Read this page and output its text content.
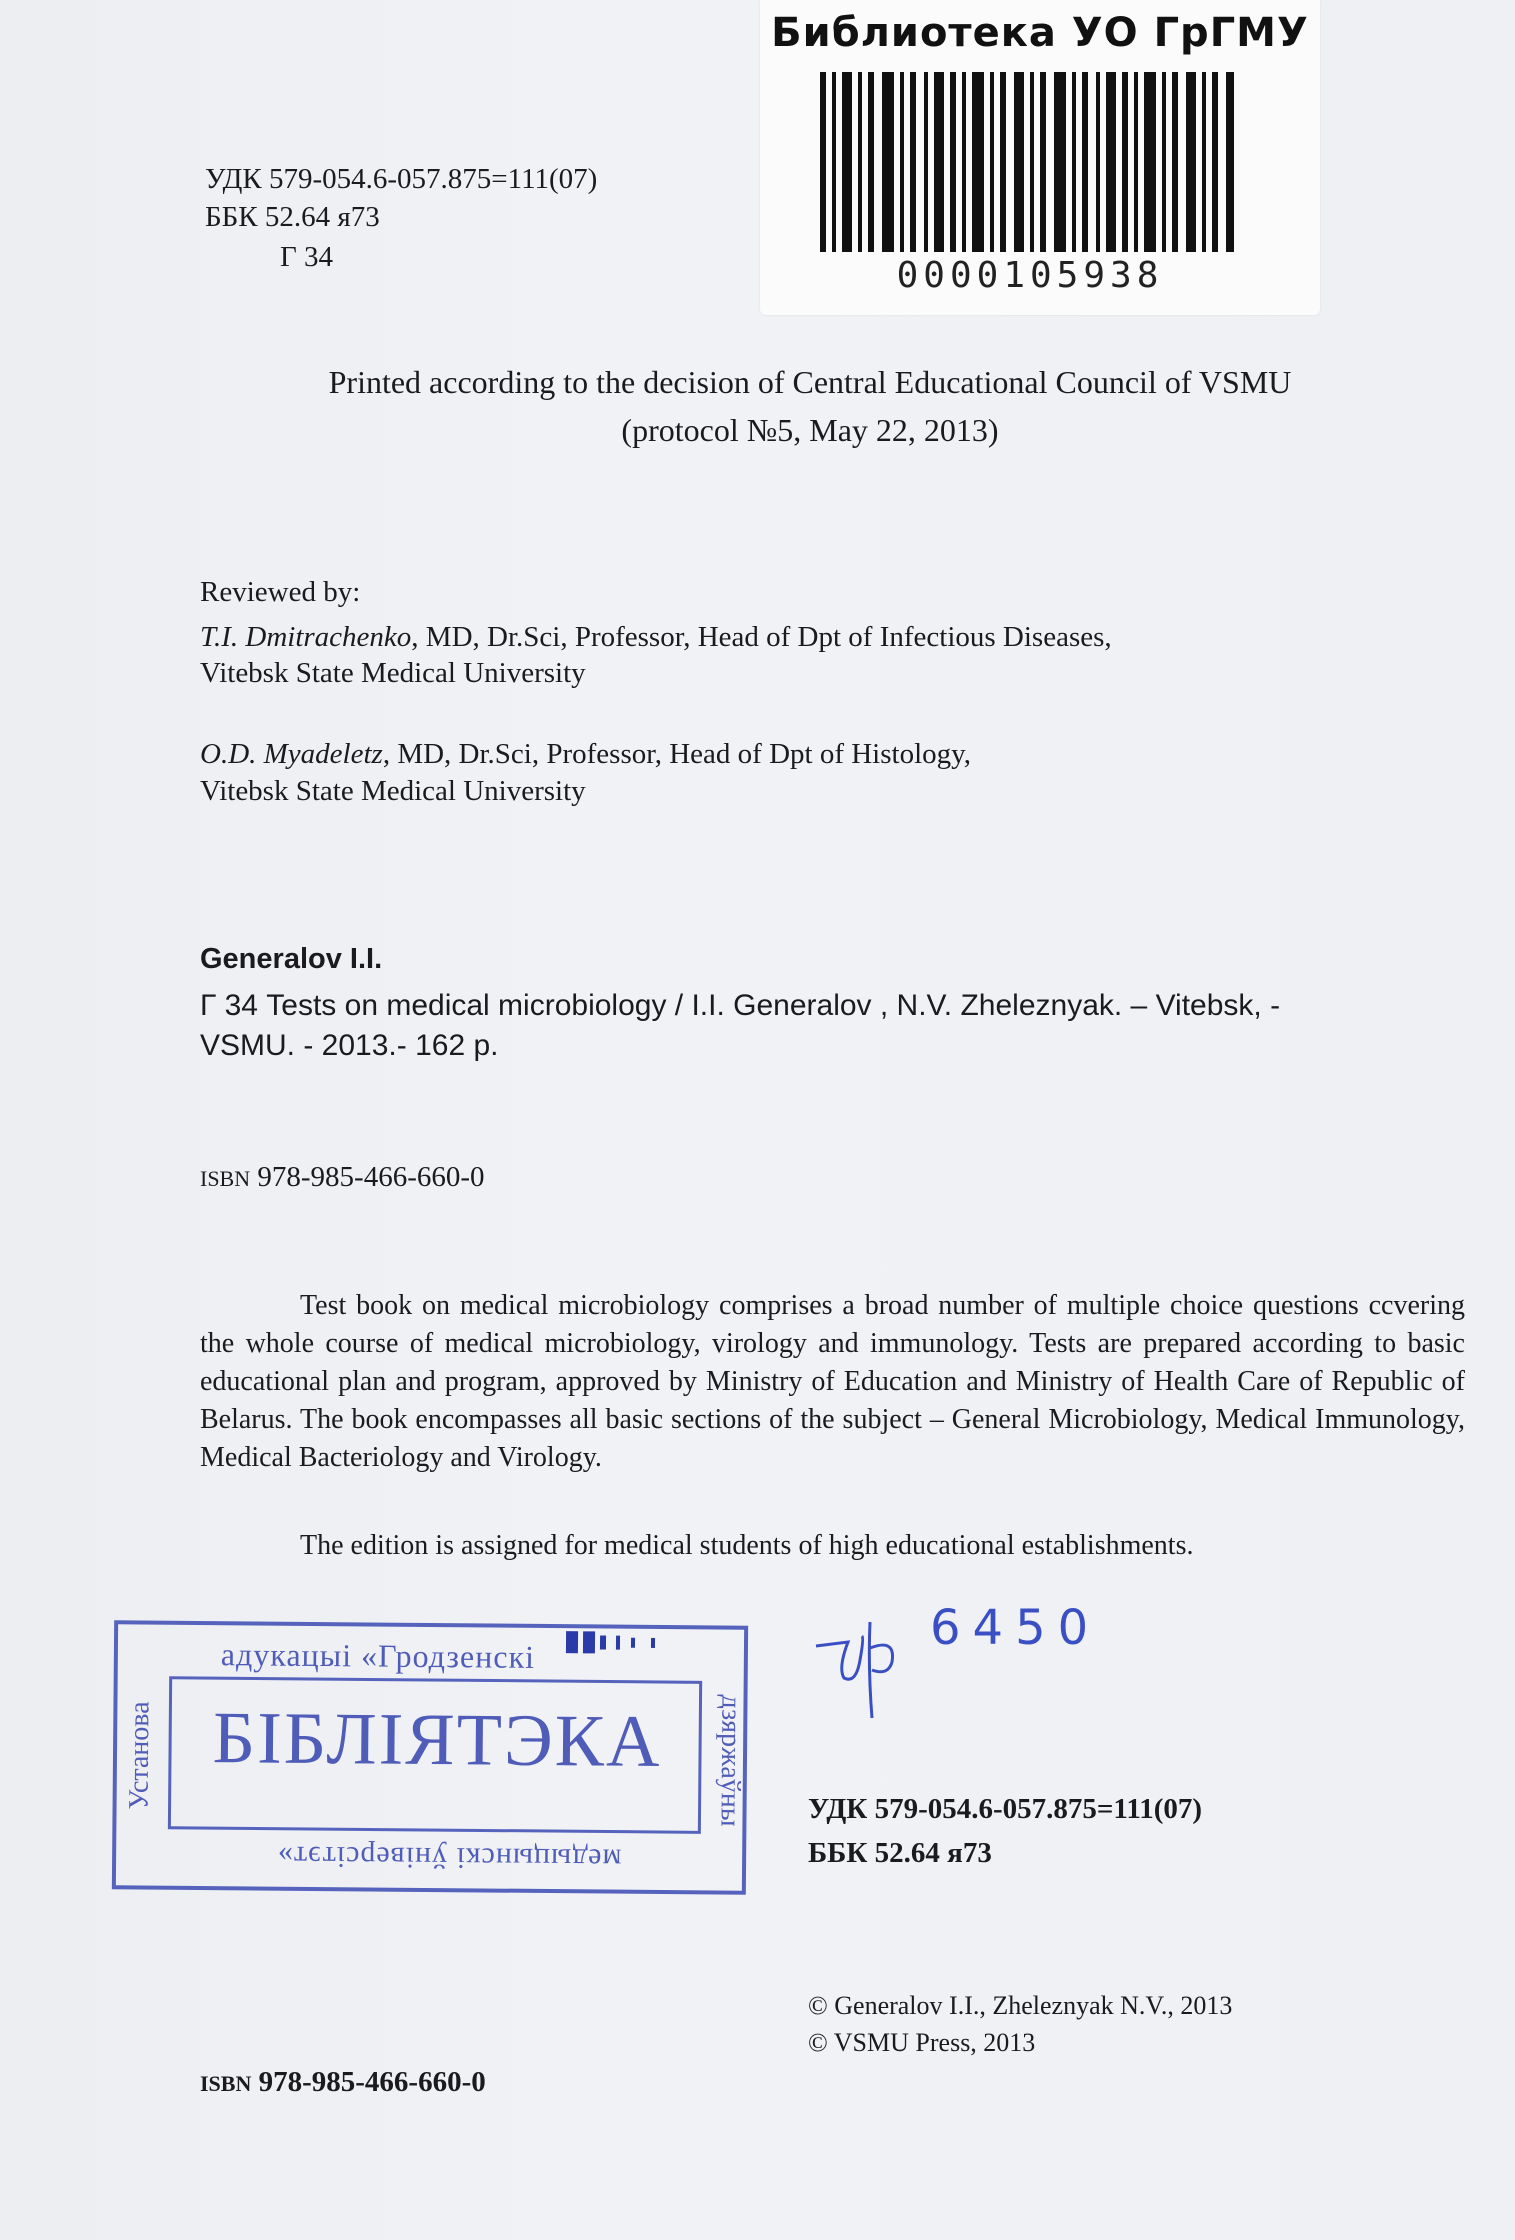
Библиотека УО ГрГМУ
0000105938
УДК 579-054.6-057.875=111(07)
ББК 52.64 я73
Г 34
Printed according to the decision of Central Educational Council of VSMU
(protocol №5, May 22, 2013)
Reviewed by:
T.I. Dmitrachenko, MD, Dr.Sci, Professor, Head of Dpt of Infectious Diseases,
Vitebsk State Medical University
O.D. Myadeletz, MD, Dr.Sci, Professor, Head of Dpt of Histology,
Vitebsk State Medical University
Generalov I.I.
Г 34 Tests on medical microbiology / I.I. Generalov , N.V. Zheleznyak. – Vitebsk, -
VSMU. - 2013.- 162 p.
ISBN 978-985-466-660-0
Test book on medical microbiology comprises a broad number of multiple choice questions ccvering the whole course of medical microbiology, virology and immunology. Tests are prepared according to basic educational plan and program, approved by Ministry of Education and Ministry of Health Care of Republic of Belarus. The book encompasses all basic sections of the subject – General Microbiology, Medical Immunology, Medical Bacteriology and Virology.
The edition is assigned for medical students of high educational establishments.
адукацыі «Гродзенскі
БІБЛІЯТЭКА
медыцынскі ўніверсітэт»
Установа	дзяржаўны
6450
УДК 579-054.6-057.875=111(07)
ББК 52.64 я73
© Generalov I.I., Zheleznyak N.V., 2013
© VSMU Press, 2013
ISBN 978-985-466-660-0
